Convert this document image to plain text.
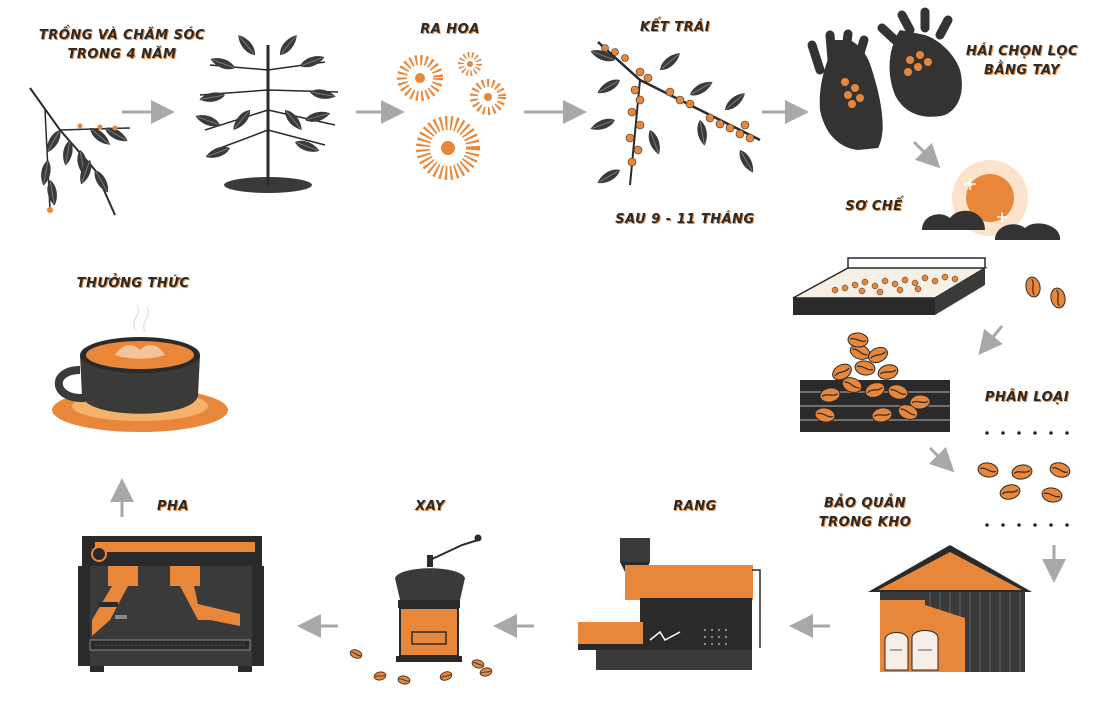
TRỒNG VÀ CHĂM SÓC
TRONG 4 NĂM
RA HOA	KẾT TRÁI
SAU 9 - 11 THÁNG
HÁI CHỌN LỌC
BẰNG TAY
SƠ CHẾ
PHÂN LOẠI
BẢO QUẢN
TRONG KHO
RANG
XAY
PHA
THƯỞNG THỨC
